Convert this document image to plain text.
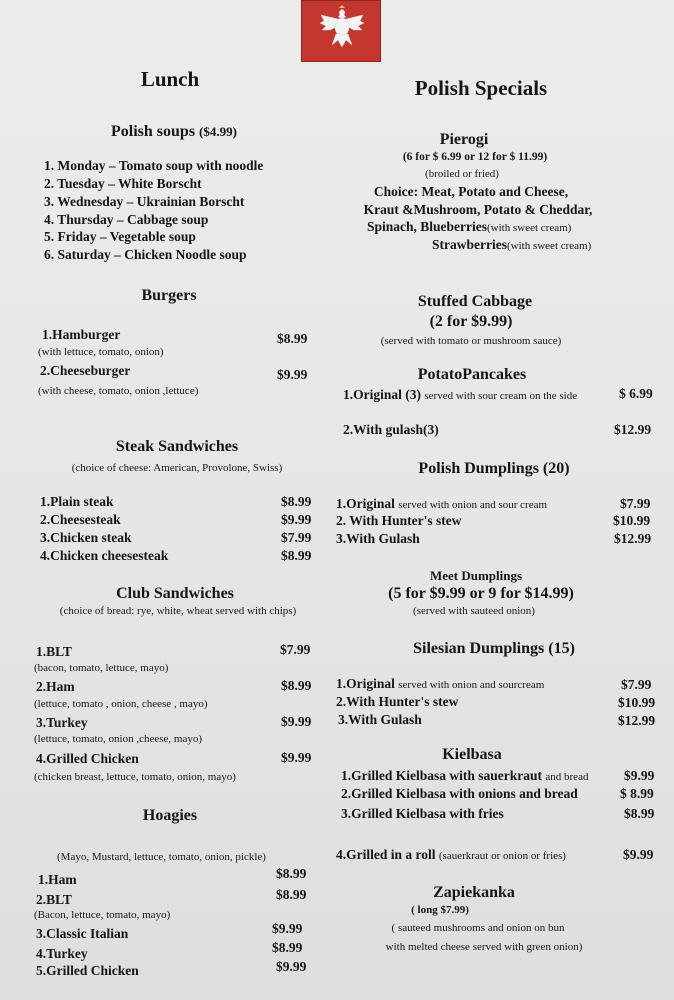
Lunch
Polish soups ($4.99)
1. Monday – Tomato soup with noodle
2. Tuesday – White Borscht
3. Wednesday – Ukrainian Borscht
4. Thursday – Cabbage soup
5. Friday – Vegetable soup
6. Saturday – Chicken Noodle soup
Burgers
1.Hamburger	$8.99
(with lettuce, tomato, onion)
2.Cheeseburger	$9.99
(with cheese, tomato, onion ,lettuce)
Steak Sandwiches
(choice of cheese: American, Provolone, Swiss)
1.Plain steak	$8.99
2.Cheesesteak	$9.99
3.Chicken steak	$7.99
4.Chicken cheesesteak	$8.99
Club Sandwiches
(choice of bread: rye, white, wheat served with chips)
1.BLT	$7.99
(bacon, tomato, lettuce, mayo)
2.Ham	$8.99
(lettuce, tomato , onion, cheese , mayo)
3.Turkey	$9.99
(lettuce, tomato, onion ,cheese, mayo)
4.Grilled Chicken	$9.99
(chicken breast, lettuce, tomato, onion, mayo)
Hoagies
(Mayo, Mustard, lettuce, tomato, onion, pickle)
1.Ham	$8.99
2.BLT	$8.99
(Bacon, lettuce, tomato, mayo)
3.Classic Italian	$9.99
4.Turkey	$8.99
5.Grilled Chicken	$9.99
Polish Specials
Pierogi
(6 for $ 6.99 or 12 for $ 11.99)
(broiled or fried)
Choice: Meat, Potato and Cheese,
Kraut &Mushroom, Potato & Cheddar,
Spinach, Blueberries(with sweet cream)
Strawberries(with sweet cream)
Stuffed Cabbage
(2 for $9.99)
(served with tomato or mushroom sauce)
PotatoPancakes
1.Original (3) served with sour cream on the side	$ 6.99
2.With gulash(3)	$12.99
Polish Dumplings (20)
1.Original served with onion and sour cream	$7.99
2. With Hunter's stew	$10.99
3.With Gulash	$12.99
Meet Dumplings
(5 for $9.99 or 9 for $14.99)
(served with sauteed onion)
Silesian Dumplings (15)
1.Original served with onion and sourcream	$7.99
2.With Hunter's stew	$10.99
3.With Gulash	$12.99
Kielbasa
1.Grilled Kielbasa with sauerkraut and bread	$9.99
2.Grilled Kielbasa with onions and bread	$ 8.99
3.Grilled Kielbasa with fries	$8.99
4.Grilled in a roll (sauerkraut or onion or fries)	$9.99
Zapiekanka
( long $7.99)
( sauteed mushrooms and onion on bun
with melted cheese served with green onion)
